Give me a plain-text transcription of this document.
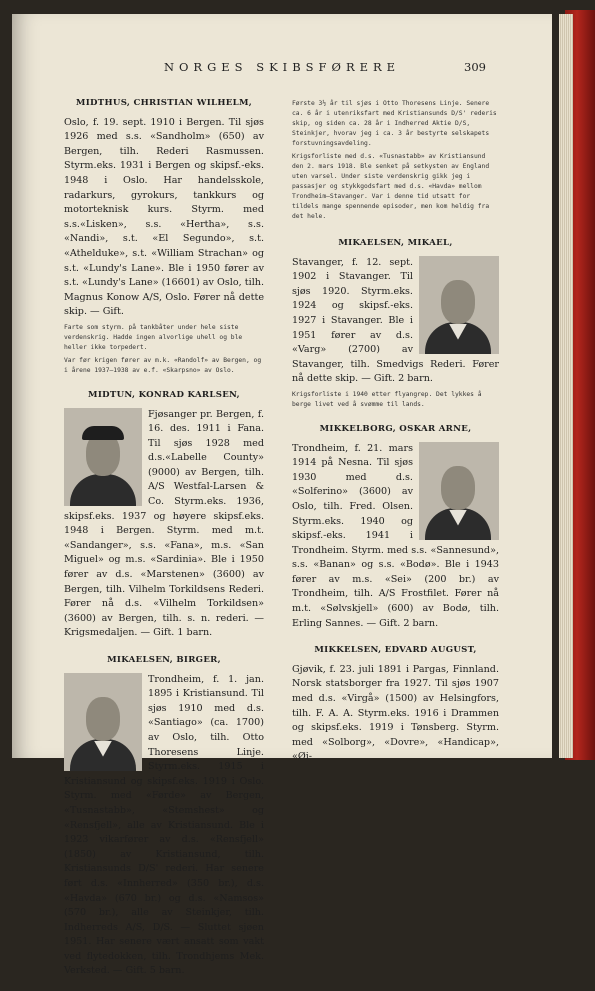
NORGES SKIBSFØRERE	309
MIDTHUS, CHRISTIAN WILHELM,

Oslo, f. 19. sept. 1910 i Bergen. Til sjøs 1926 med s.s. «Sandholm» (650) av Bergen, tilh. Rederi Rasmussen. Styrm.eks. 1931 i Bergen og skipsf.-eks. 1948 i Oslo. Har handelsskole, radarkurs, gyrokurs, tankkurs og motorteknisk kurs. Styrm. med s.s.«Lisken», s.s. «Hertha», s.s. «Nandi», s.t. «El Segundo», s.t. «Athelduke», s.t. «William Strachan» og s.t. «Lundy's Lane». Ble i 1950 fører av s.t. «Lundy's Lane» (16601) av Oslo, tilh. Magnus Konow A/S, Oslo. Fører nå dette skip. — Gift.

Farte som styrm. på tankbåter under hele siste verdenskrig. Hadde ingen alvorlige uhell og ble heller ikke torpedert.

Var før krigen fører av m.k. «Randolf» av Bergen, og i årene 1937—1938 av e.f. «Skarpsno» av Oslo.

MIDTUN, KONRAD KARLSEN,

Fjøsanger pr. Bergen, f. 16. des. 1911 i Fana. Til sjøs 1928 med d.s.«Labelle County» (9000) av Bergen, tilh. A/S Westfal-Larsen & Co. Styrm.eks. 1936, skipsf.eks. 1937 og høyere skipsf.eks. 1948 i Bergen. Styrm. med m.t. «Sandanger», s.s. «Fana», m.s. «San Miguel» og m.s. «Sardinia». Ble i 1950 fører av d.s. «Marstenen» (3600) av Bergen, tilh. Vilhelm Torkildsens Rederi. Fører nå d.s. «Vilhelm Torkildsen» (3600) av Bergen, tilh. s. n. rederi. — Krigsmedaljen. — Gift. 1 barn.

MIKAELSEN, BIRGER,

Trondheim, f. 1. jan. 1895 i Kristiansund. Til sjøs 1910 med d.s. «Santiago» (ca. 1700) av Oslo, tilh. Otto Thoresens Linje. Styrm.eks. 1915 i Kristiansund og skipsf.eks. 1919 i Oslo. Styrm. med «Førde» av Bergen, «Tusnastabb», «Stemshest» og «Rensfjell», alle av Kristiansund. Ble i 1923 vikarfører av d.s. «Rensfjell» (1850) av Kristiansund, tilh. Kristiansunds D/S' rederi. Har senere ført d.s. «Innherred» (350 br.), d.s. «Havda» (670 br.) og d.s. «Namsos» (570 br.), alle av Steinkjer, tilh. Indherreds A/S, D/S. — Sluttet sjøen 1951. Har senere vært ansatt som vakt ved flytedokken, tilh. Trondhjems Mek. Verksted. — Gift. 5 barn.

Første 3½ år til sjøs i Otto Thoresens Linje. Senere ca. 6 år i utenriksfart med Kristiansunds D/S' rederis skip, og siden ca. 28 år i Indherred Aktie D/S, Steinkjer, hvorav jeg i ca. 3 år bestyrte selskapets forstuvningsavdeling.

Krigsforliste med d.s. «Tusnastabb» av Kristiansund den 2. mars 1918. Ble senket på setkysten av England uten varsel. Under siste verdenskrig gikk jeg i passasjer og stykkgodsfart med d.s. «Havda» mellom Trondheim—Stavanger. Var i denne tid utsatt for tildels mange spennende episoder, men kom heldig fra det hele.

MIKAELSEN, MIKAEL,

Stavanger, f. 12. sept. 1902 i Stavanger. Til sjøs 1920. Styrm.eks. 1924 og skipsf.-eks. 1927 i Stavanger. Ble i 1951 fører av d.s. «Varg» (2700) av Stavanger, tilh. Smedvigs Rederi. Fører nå dette skip. — Gift. 2 barn.

Krigsforliste i 1940 etter flyangrep. Det lykkes å berge livet ved å svømme til lands.

MIKKELBORG, OSKAR ARNE,

Trondheim, f. 21. mars 1914 på Nesna. Til sjøs 1930 med d.s. «Solferino» (3600) av Oslo, tilh. Fred. Olsen. Styrm.eks. 1940 og skipsf.-eks. 1941 i Trondheim. Styrm. med s.s. «Sannesund», s.s. «Banan» og s.s. «Bodø». Ble i 1943 fører av m.s. «Sei» (200 br.) av Trondheim, tilh. A/S Frostfilet. Fører nå m.t. «Sølvskjell» (600) av Bodø, tilh. Erling Sannes. — Gift. 2 barn.

MIKKELSEN, EDVARD AUGUST,

Gjøvik, f. 23. juli 1891 i Pargas, Finnland. Norsk statsborger fra 1927. Til sjøs 1907 med d.s. «Virgå» (1500) av Helsingfors, tilh. F. A. A. Styrm.eks. 1916 i Drammen og skipsf.eks. 1919 i Tønsberg. Styrm. med «Solborg», «Dovre», «Handicap», «Øi-
